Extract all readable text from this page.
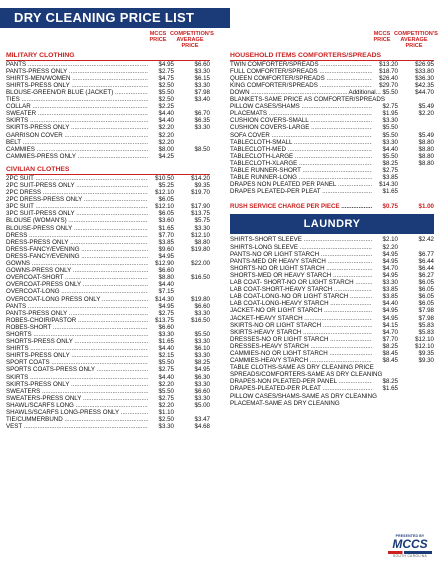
DRY CLEANING PRICE LIST
MCCS
PRICE
COMPETITION'S
AVERAGE PRICE
MILITARY CLOTHING
PANTS .....	$4.95	$6.60
PANTS-PRESS ONLY .....	$2.75	$3.30
SHIRTS-MEN/WOMEN .....	$4.75	$6.15
SHIRTS-PRESS ONLY .....	$2.50	$3.30
BLOUSE-GREEN/DR BLUE (JACKET) .....	$5.50	$7.98
TIES .....	$2.50	$3.40
COLLAR .....	$2.25
SWEATER .....	$4.40	$6.70
SKIRTS .....	$4.40	$6.35
SKIRTS-PRESS ONLY .....	$2.20	$3.30
GARRISON COVER .....	$2.20
BELT .....	$2.20
CAMMIES .....	$8.00	$8.50
CAMMIES-PRESS ONLY .....	$4.25
CIVILIAN CLOTHES
2PC SUIT .....	$10.50	$14.20
2PC SUIT-PRESS ONLY .....	$5.25	$9.35
2PC DRESS .....	$12.10	$19.70
2PC DRESS-PRESS ONLY .....	$6.05
3PC SUIT .....	$12.10	$17.90
3PC SUIT-PRESS ONLY .....	$6.05	$13.75
BLOUSE (WOMAN'S) .....	$3.60	$5.75
BLOUSE-PRESS ONLY .....	$1.65	$3.30
DRESS .....	$7.70	$12.10
DRESS-PRESS ONLY .....	$3.85	$8.80
DRESS-FANCY/EVENING .....	$9.60	$19.80
DRESS-FANCY/EVENING .....	$4.95
GOWNS .....	$12.90	$22.00
GOWNS-PRESS ONLY .....	$6.60
OVERCOAT-SHORT .....	$8.80	$16.50
OVERCOAT-PRESS ONLY .....	$4.40
OVERCOAT-LONG .....	$7.15
OVERCOAT-LONG PRESS ONLY .....	$14.30	$19.80
PANTS .....	$4.95	$6.60
PANTS-PRESS ONLY .....	$2.75	$3.30
ROBES-CHOIR/PASTOR .....	$13.75	$16.50
ROBES-SHORT .....	$6.60
SHORTS .....	$3.30	$5.50
SHORTS-PRESS ONLY .....	$1.65	$3.30
SHIRTS .....	$4.40	$6.10
SHIRTS-PRESS ONLY .....	$2.15	$3.30
SPORT COATS .....	$5.50	$8.25
SPORTS COATS-PRESS ONLY .....	$2.75	$4.95
SKIRTS .....	$4.40	$6.30
SKIRTS-PRESS ONLY .....	$2.20	$3.30
SWEATERS .....	$5.50	$6.60
SWEATERS-PRESS ONLY .....	$2.75	$3.30
SHAWL/SCARFS LONG .....	$2.20	$5.00
SHAWLS/SCARFS LONG-PRESS ONLY .....	$1.10
TIE/CUMMERBUND .....	$2.50	$3.47
VEST .....	$3.30	$4.68
MCCS
PRICE
COMPETITION'S
AVERAGE PRICE
HOUSEHOLD ITEMS COMFORTERS/SPREADS
TWIN COMFORTER/SPREADS .....	$13.20	$26.95
FULL COMFORTER/SPREADS .....	$18.70	$33.80
QUEEN COMFORTER/SPREADS .....	$26.40	$36.30
KING COMFORTER/SPREADS .....	$29.70	$42.35
DOWN .....	Additional... $5.50	$44.70
BLANKETS-SAME PRICE AS COMFORTER/SPREADS
PILLOW CASES/SHAMS .....	$2.75	$5.49
PLACEMATS .....	$1.95	$2.20
CUSHION COVERS-SMALL .....	$3.30
CUSHION COVERS-LARGE .....	$5.50
SOFA COVER .....	$5.50	$5.49
TABLECLOTH-SMALL .....	$3.30	$8.80
TABLECLOTH-MED .....	$4.40	$8.80
TABLECLOTH-LARGE .....	$5.50	$8.80
TABLECLOTH-XLARGE .....	$8.25	$8.80
TABLE RUNNER-SHORT .....	$2.75
TABLE RUNNER-LONG .....	$3.85
DRAPES NON PLEATED PER PANEL .....	$14.30
DRAPES PLEATED-PER PLEAT .....	$1.65
RUSH SERVICE CHARGE PER PIECE .....	$0.75	$1.00
LAUNDRY
SHIRTS-SHORT SLEEVE .....	$2.10	$2.42
SHIRTS-LONG SLEEVE .....	$2.20
PANTS-NO OR LIGHT STARCH .....	$4.95	$6.77
PANTS-MED OR HEAVY STARCH .....	$4.95	$6.44
SHORTS-NO OR LIGHT STARCH .....	$4.70	$6.44
SHORTS-MED OR HEAVY STARCH .....	$4.95	$6.27
LAB COAT- SHORT-NO OR LIGHT STARCH .....	$3.30	$6.05
LAB COAT-SHORT-HEAVY STARCH .....	$3.85	$6.05
LAB COAT-LONG-NO OR LIGHT STARCH .....	$3.85	$6.05
LAB COAT-LONG-HEAVY STARCH .....	$4.40	$6.05
JACKET-NO OR LIGHT STARCH .....	$4.95	$7.98
JACKET-HEAVY STARCH .....	$4.95	$7.98
SKIRTS-NO OR LIGHT STARCH .....	$4.15	$5.83
SKIRTS-HEAVY STARCH .....	$4.70	$5.83
DRESSES-NO OR LIGHT STARCH .....	$7.70	$12.10
DRESSES-HEAVY STARCH .....	$8.25	$12.10
CAMMIES-NO OR LIGHT STARCH .....	$8.45	$9.35
CAMMIES-HEAVY STARCH .....	$8.45	$9.30
TABLE CLOTHS-SAME AS DRY CLEANING PRICE
SPREADS/COMFORTERS-SAME AS DRY CLEANING
DRAPES-NON PLEATED-PER PANEL .....	$8.25
DRAPES-PLEATED-PER PLEAT .....	$1.65
PILLOW CASES/SHAMS-SAME AS DRY CLEANING
PLACEMAT-SAME AS DRY CLEANING
PRESENTED BY
MCCS
SOUTH CAROLINA
